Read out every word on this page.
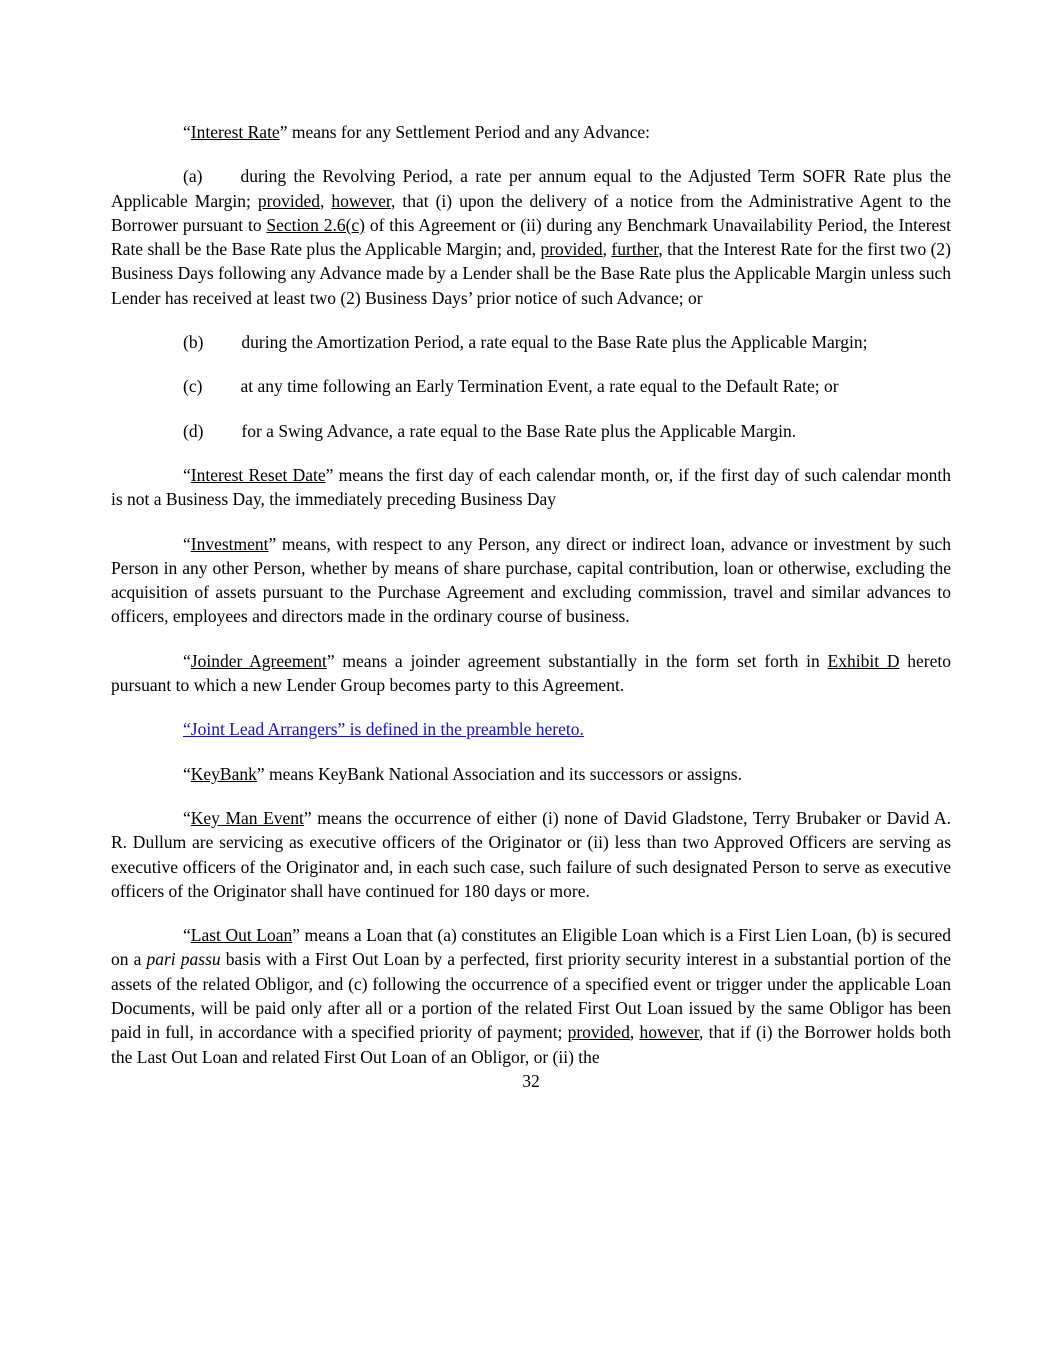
“Interest Rate” means for any Settlement Period and any Advance:

(a) during the Revolving Period, a rate per annum equal to the Adjusted Term SOFR Rate plus the Applicable Margin; provided, however, that (i) upon the delivery of a notice from the Administrative Agent to the Borrower pursuant to Section 2.6(c) of this Agreement or (ii) during any Benchmark Unavailability Period, the Interest Rate shall be the Base Rate plus the Applicable Margin; and, provided, further, that the Interest Rate for the first two (2) Business Days following any Advance made by a Lender shall be the Base Rate plus the Applicable Margin unless such Lender has received at least two (2) Business Days’ prior notice of such Advance; or

(b) during the Amortization Period, a rate equal to the Base Rate plus the Applicable Margin;

(c) at any time following an Early Termination Event, a rate equal to the Default Rate; or

(d) for a Swing Advance, a rate equal to the Base Rate plus the Applicable Margin.

“Interest Reset Date” means the first day of each calendar month, or, if the first day of such calendar month is not a Business Day, the immediately preceding Business Day

“Investment” means, with respect to any Person, any direct or indirect loan, advance or investment by such Person in any other Person, whether by means of share purchase, capital contribution, loan or otherwise, excluding the acquisition of assets pursuant to the Purchase Agreement and excluding commission, travel and similar advances to officers, employees and directors made in the ordinary course of business.

“Joinder Agreement” means a joinder agreement substantially in the form set forth in Exhibit D hereto pursuant to which a new Lender Group becomes party to this Agreement.

“Joint Lead Arrangers” is defined in the preamble hereto.

“KeyBank” means KeyBank National Association and its successors or assigns.

“Key Man Event” means the occurrence of either (i) none of David Gladstone, Terry Brubaker or David A. R. Dullum are servicing as executive officers of the Originator or (ii) less than two Approved Officers are serving as executive officers of the Originator and, in each such case, such failure of such designated Person to serve as executive officers of the Originator shall have continued for 180 days or more.

“Last Out Loan” means a Loan that (a) constitutes an Eligible Loan which is a First Lien Loan, (b) is secured on a pari passu basis with a First Out Loan by a perfected, first priority security interest in a substantial portion of the assets of the related Obligor, and (c) following the occurrence of a specified event or trigger under the applicable Loan Documents, will be paid only after all or a portion of the related First Out Loan issued by the same Obligor has been paid in full, in accordance with a specified priority of payment; provided, however, that if (i) the Borrower holds both the Last Out Loan and related First Out Loan of an Obligor, or (ii) the

32
